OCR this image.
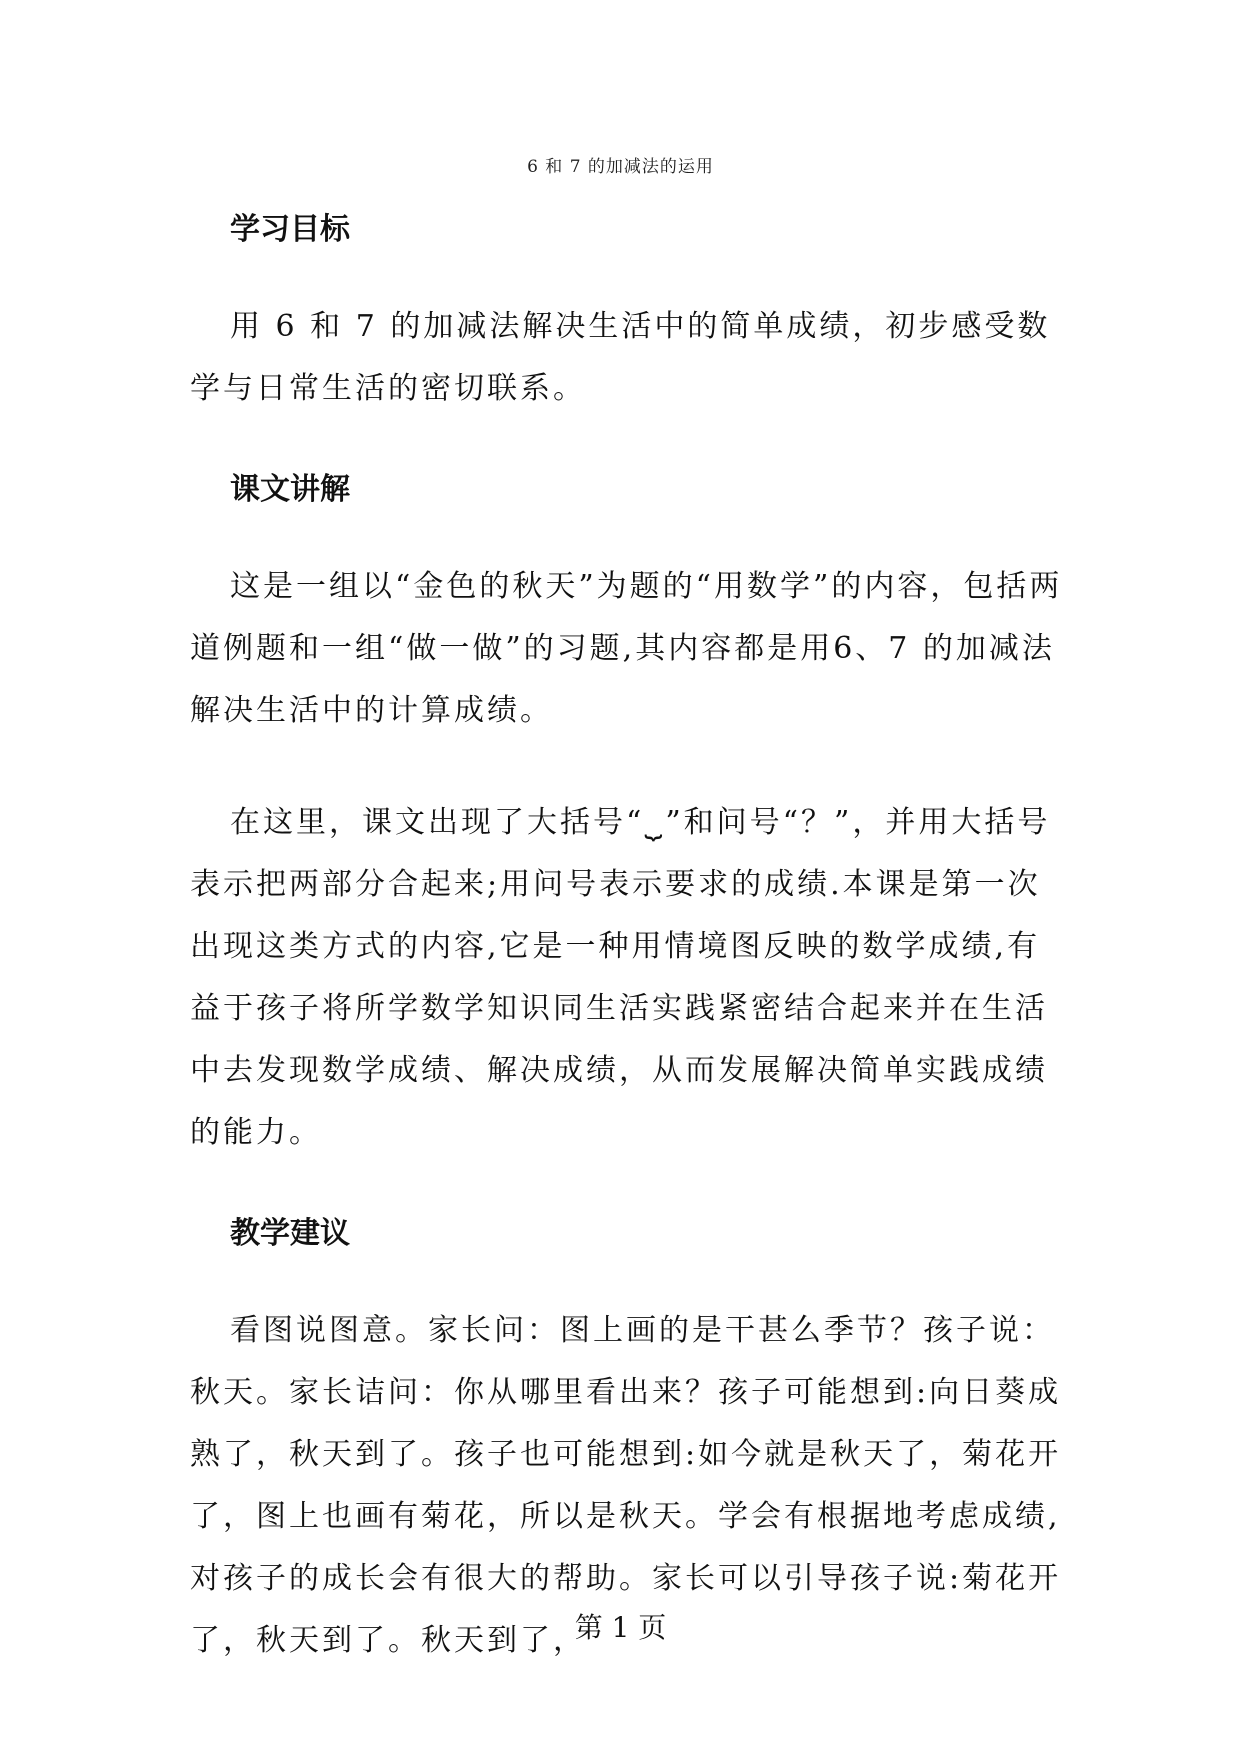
6 和 7 的加减法的运用
学习目标

用 6 和 7 的加减法解决生活中的简单成绩，初步感受数学与日常生活的密切联系。

课文讲解

这是一组以“金色的秋天”为题的“用数学”的内容，包括两道例题和一组“做一做”的习题,其内容都是用6、7 的加减法解决生活中的计算成绩。

在这里，课文出现了大括号“⏟”和问号“？”，并用大括号表示把两部分合起来;用问号表示要求的成绩.本课是第一次出现这类方式的内容,它是一种用情境图反映的数学成绩,有益于孩子将所学数学知识同生活实践紧密结合起来并在生活中去发现数学成绩、解决成绩，从而发展解决简单实践成绩的能力。

教学建议

看图说图意。家长问：图上画的是干甚么季节？孩子说：秋天。家长诘问：你从哪里看出来？孩子可能想到:向日葵成熟了，秋天到了。孩子也可能想到:如今就是秋天了，菊花开了，图上也画有菊花，所以是秋天。学会有根据地考虑成绩,对孩子的成长会有很大的帮助。家长可以引导孩子说:菊花开了，秋天到了。秋天到了，

第 1 页
